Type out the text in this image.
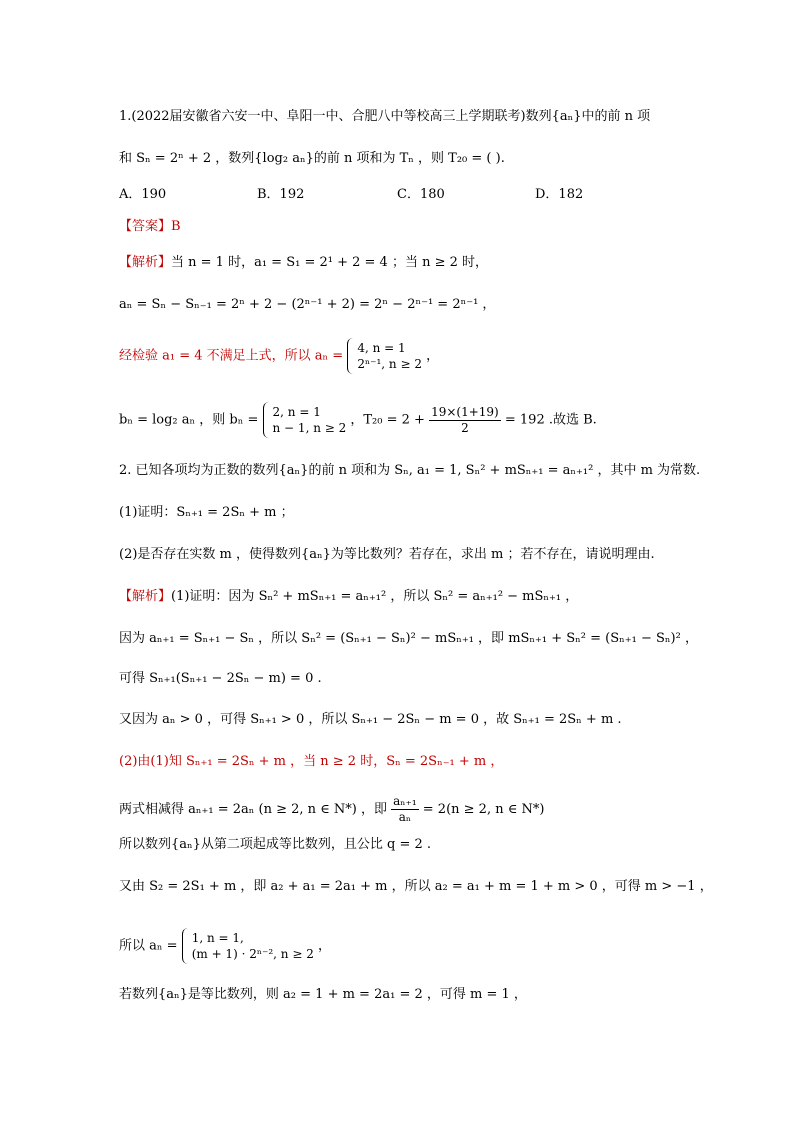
1.(2022届安徽省六安一中、阜阳一中、合肥八中等校高三上学期联考)数列{aₙ}中的前 n 项
和 Sₙ = 2ⁿ + 2 ，数列{log₂ aₙ}的前 n 项和为 Tₙ ，则 T₂₀ = ( ).
A．190	B．192	C．180	D．182
【答案】B
【解析】当 n = 1 时，a₁ = S₁ = 2¹ + 2 = 4 ；当 n ≥ 2 时，
aₙ = Sₙ − Sₙ₋₁ = 2ⁿ + 2 − (2ⁿ⁻¹ + 2) = 2ⁿ − 2ⁿ⁻¹ = 2ⁿ⁻¹ ，
经检验 a₁ = 4 不满足上式，所以 aₙ =
4, n = 1
2ⁿ⁻¹, n ≥ 2
，
bₙ = log₂ aₙ ，则 bₙ =
2, n = 1
n − 1, n ≥ 2
，$T_{20} = 2 + \frac{19\times(1+19)}{2} = 192$ .故选 B.
2. 已知各项均为正数的数列{aₙ}的前 n 项和为 Sₙ, a₁ = 1, Sₙ² + mSₙ₊₁ = aₙ₊₁² ，其中 m 为常数.
(1)证明：Sₙ₊₁ = 2Sₙ + m ；
(2)是否存在实数 m ，使得数列{aₙ}为等比数列？若存在，求出 m ；若不存在，请说明理由.
【解析】(1)证明：因为 Sₙ² + mSₙ₊₁ = aₙ₊₁² ，所以 Sₙ² = aₙ₊₁² − mSₙ₊₁ ，
因为 aₙ₊₁ = Sₙ₊₁ − Sₙ ，所以 Sₙ² = (Sₙ₊₁ − Sₙ)² − mSₙ₊₁ ，即 mSₙ₊₁ + Sₙ² = (Sₙ₊₁ − Sₙ)² ，
可得 Sₙ₊₁(Sₙ₊₁ − 2Sₙ − m) = 0 .
又因为 aₙ > 0 ，可得 Sₙ₊₁ > 0 ，所以 Sₙ₊₁ − 2Sₙ − m = 0 ，故 Sₙ₊₁ = 2Sₙ + m .
(2)由(1)知 Sₙ₊₁ = 2Sₙ + m ，当 n ≥ 2 时，Sₙ = 2Sₙ₋₁ + m ，
两式相减得 aₙ₊₁ = 2aₙ (n ≥ 2, n ∈ N*) ，即 $\frac{\text{aₙ₊₁}}{\text{aₙ}} = 2(n \ge 2$, n ∈ N*)
所以数列{aₙ}从第二项起成等比数列，且公比 q = 2 .
又由 S₂ = 2S₁ + m ，即 a₂ + a₁ = 2a₁ + m ，所以 a₂ = a₁ + m = 1 + m > 0 ，可得 m > −1 ，
所以 aₙ =
1, n = 1,
(m + 1) · 2ⁿ⁻², n ≥ 2
，
若数列{aₙ}是等比数列，则 a₂ = 1 + m = 2a₁ = 2 ，可得 m = 1 ，
